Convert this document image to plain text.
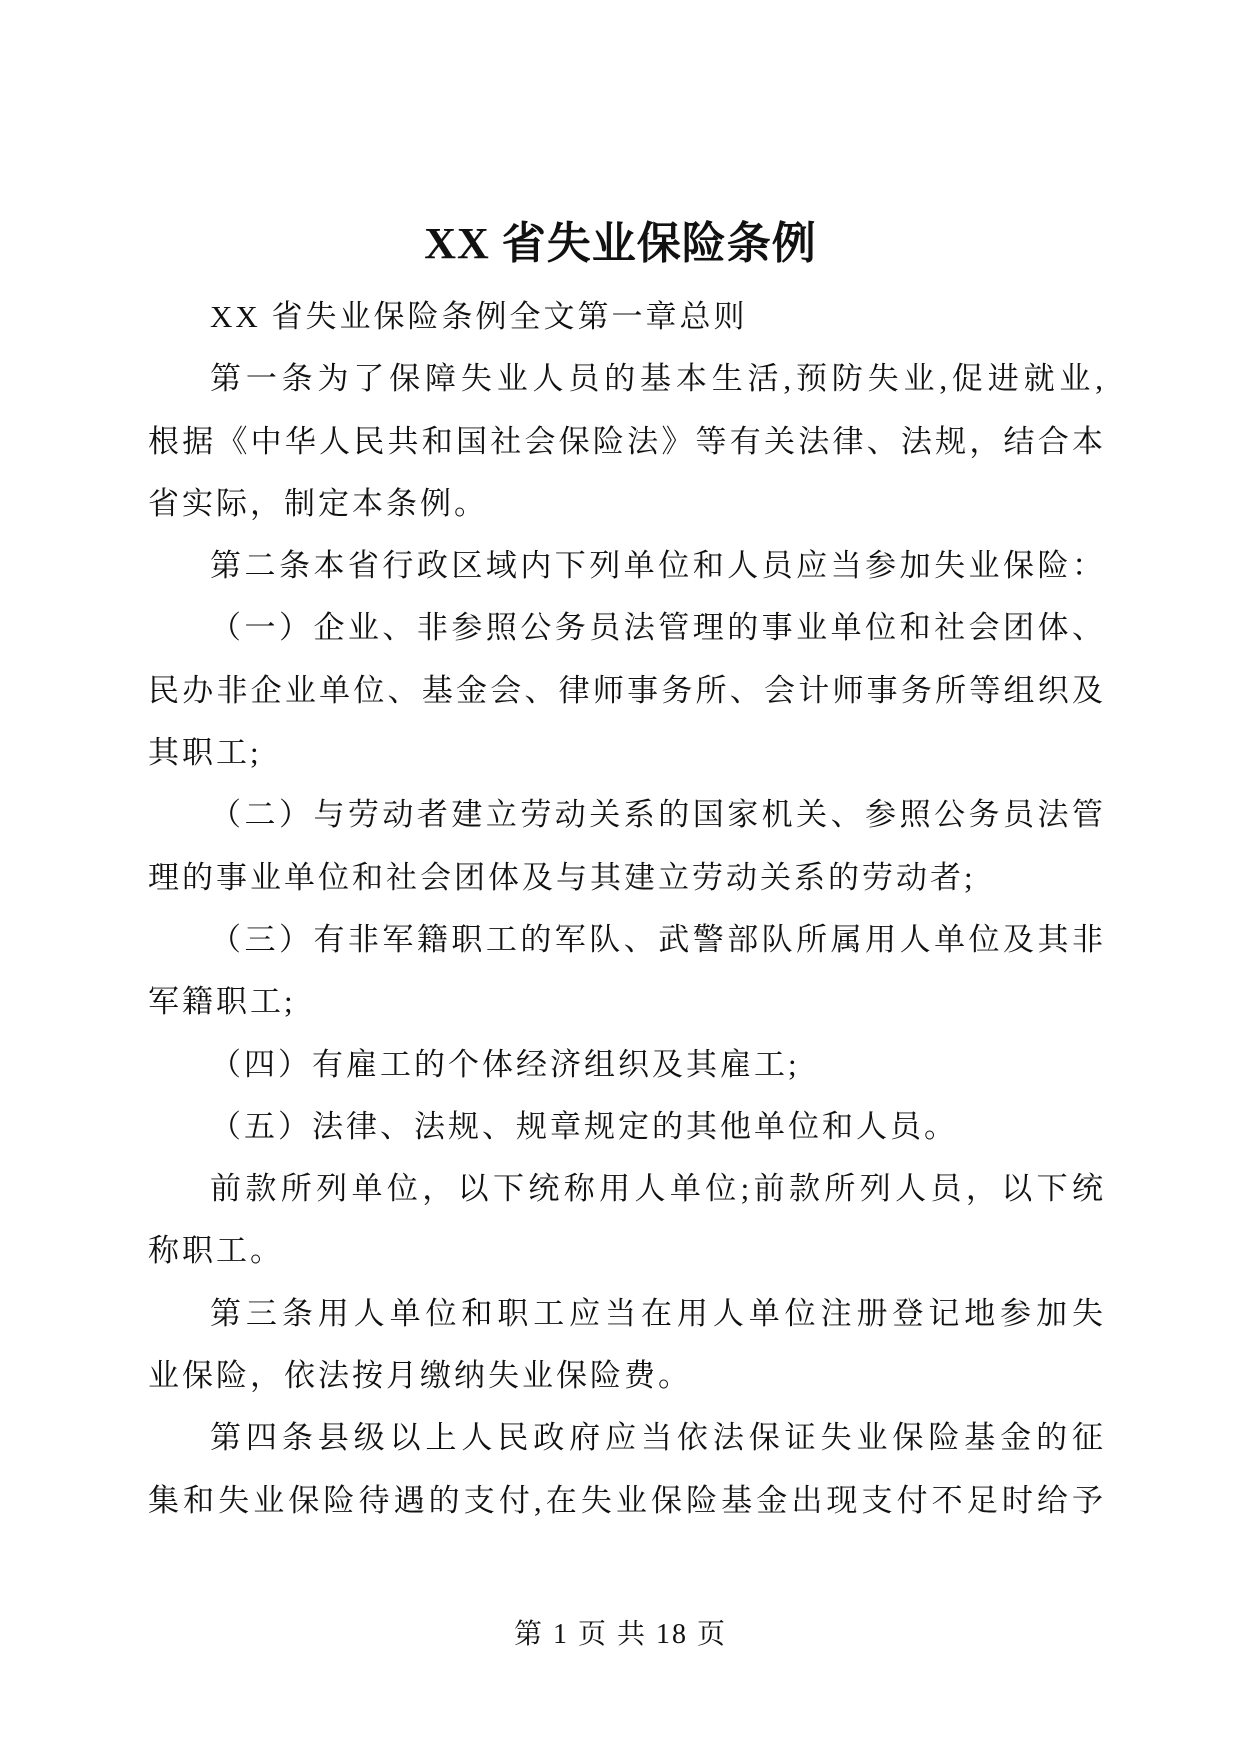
XX 省失业保险条例
XX 省失业保险条例全文第一章总则
第一条为了保障失业人员的基本生活,预防失业,促进就业,
根据《中华人民共和国社会保险法》等有关法律、法规，结合本
省实际，制定本条例。
第二条本省行政区域内下列单位和人员应当参加失业保险：
（一）企业、非参照公务员法管理的事业单位和社会团体、
民办非企业单位、基金会、律师事务所、会计师事务所等组织及
其职工;
（二）与劳动者建立劳动关系的国家机关、参照公务员法管
理的事业单位和社会团体及与其建立劳动关系的劳动者;
（三）有非军籍职工的军队、武警部队所属用人单位及其非
军籍职工;
（四）有雇工的个体经济组织及其雇工;
（五）法律、法规、规章规定的其他单位和人员。
前款所列单位，以下统称用人单位;前款所列人员，以下统
称职工。
第三条用人单位和职工应当在用人单位注册登记地参加失
业保险，依法按月缴纳失业保险费。
第四条县级以上人民政府应当依法保证失业保险基金的征
集和失业保险待遇的支付,在失业保险基金出现支付不足时给予
第 1 页 共 18 页
